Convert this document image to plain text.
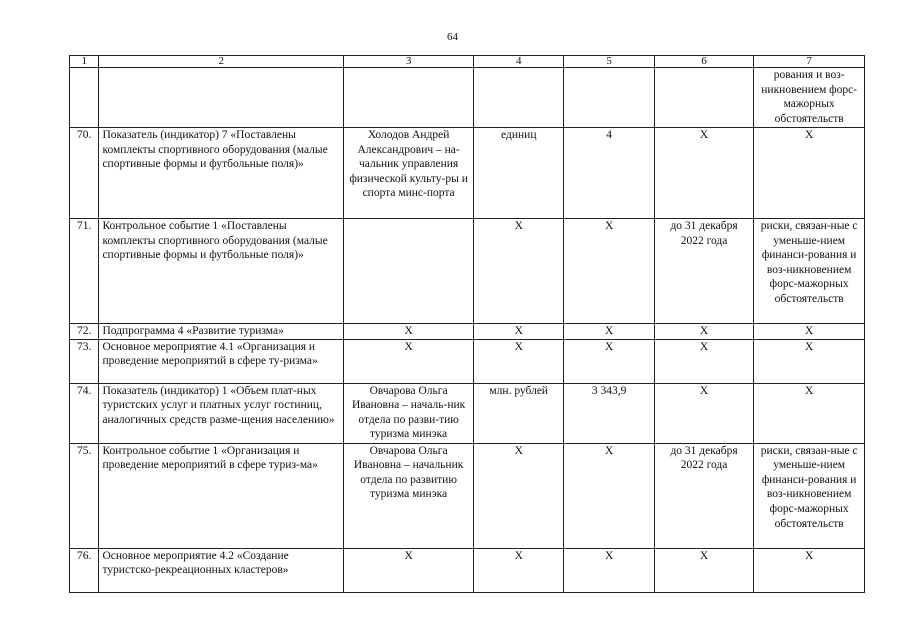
64
1	2	3	4	5	6	7
						рования и воз-никновением форс-мажорных обстоятельств
70.	Показатель (индикатор) 7 «Поставлены комплекты спортивного оборудования (малые спортивные формы и футбольные поля)»	Холодов Андрей Александрович – на-чальник управления физической культу-ры и спорта минс-порта	единиц	4	Х	Х
71.	Контрольное событие 1 «Поставлены комплекты спортивного оборудования (малые спортивные формы и футбольные поля)»		Х	Х	до 31 декабря 2022 года	риски, связан-ные с уменьше-нием финанси-рования и воз-никновением форс-мажорных обстоятельств
72.	Подпрограмма 4 «Развитие туризма»	Х	Х	Х	Х	Х
73.	Основное мероприятие 4.1 «Организация и проведение мероприятий в сфере ту-ризма»	Х	Х	Х	Х	Х
74.	Показатель (индикатор) 1 «Объем плат-ных туристских услуг и платных услуг гостиниц, аналогичных средств разме-щения населению»	Овчарова Ольга Ивановна – началь-ник отдела по разви-тию туризма минэка	млн. рублей	3 343,9	Х	Х
75.	Контрольное событие 1 «Организация и проведение мероприятий в сфере туриз-ма»	Овчарова Ольга Ивановна – начальник отдела по развитию туризма минэка	Х	Х	до 31 декабря 2022 года	риски, связан-ные с уменьше-нием финанси-рования и воз-никновением форс-мажорных обстоятельств
76.	Основное мероприятие 4.2 «Создание туристско-рекреационных кластеров»	Х	Х	Х	Х	Х
